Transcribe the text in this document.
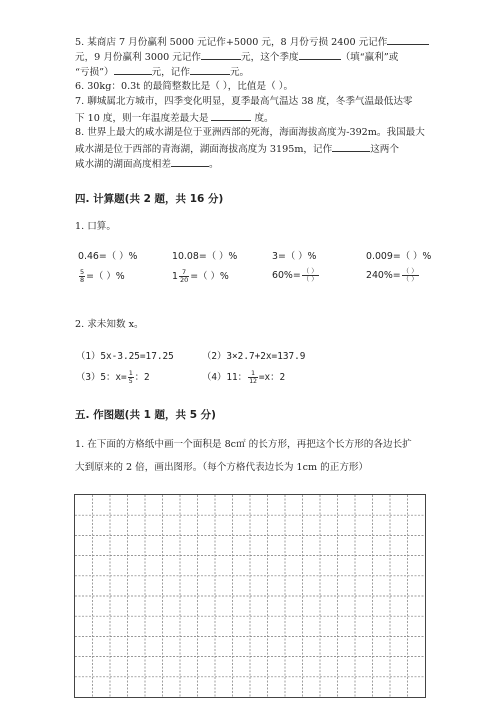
5. 某商店 7 月份赢利 5000 元记作+5000 元，8 月份亏损 2400 元记作
元，9 月份赢利 3000 元记作	元，这个季度	（填“赢利”或
“亏损”）	元，记作	元。
6. 30kg：0.3t 的最简整数比是（ ），比值是（ ）。
7. 聊城属北方城市，四季变化明显，夏季最高气温达 38 度，冬季气温最低达零
下 10 度，则一年温度差最大是	度。
8. 世界上最大的咸水湖是位于亚洲西部的死海，海面海拔高度为-392m。我国最大
咸水湖是位于西部的青海湖，湖面海拔高度为 3195m，记作	这两个
咸水湖的湖面高度相差	。
四. 计算题(共 2 题，共 16 分)
1. 口算。
0.46=（ ）%	10.08=（ ）%	3=（ ）%	0.009=（ ）%
$\frac{5}{8}$ =（ ）%	$1 \frac{7}{20}$ =（ ）%	$60\%= \frac{( )}{( )}$	$240\%= \frac{( )}{( )}$
2. 求未知数 x。
（1）5x-3.25=17.25	（2）3×2.7+2x=137.9
（3）5：$x= \frac{1}{5}$ ：2	（4）11： $\frac{1}{12} =x$：2
五. 作图题(共 1 题，共 5 分)
1. 在下面的方格纸中画一个面积是 8c㎡ 的长方形，再把这个长方形的各边长扩
大到原来的 2 倍，画出图形。（每个方格代表边长为 1cm 的正方形）
